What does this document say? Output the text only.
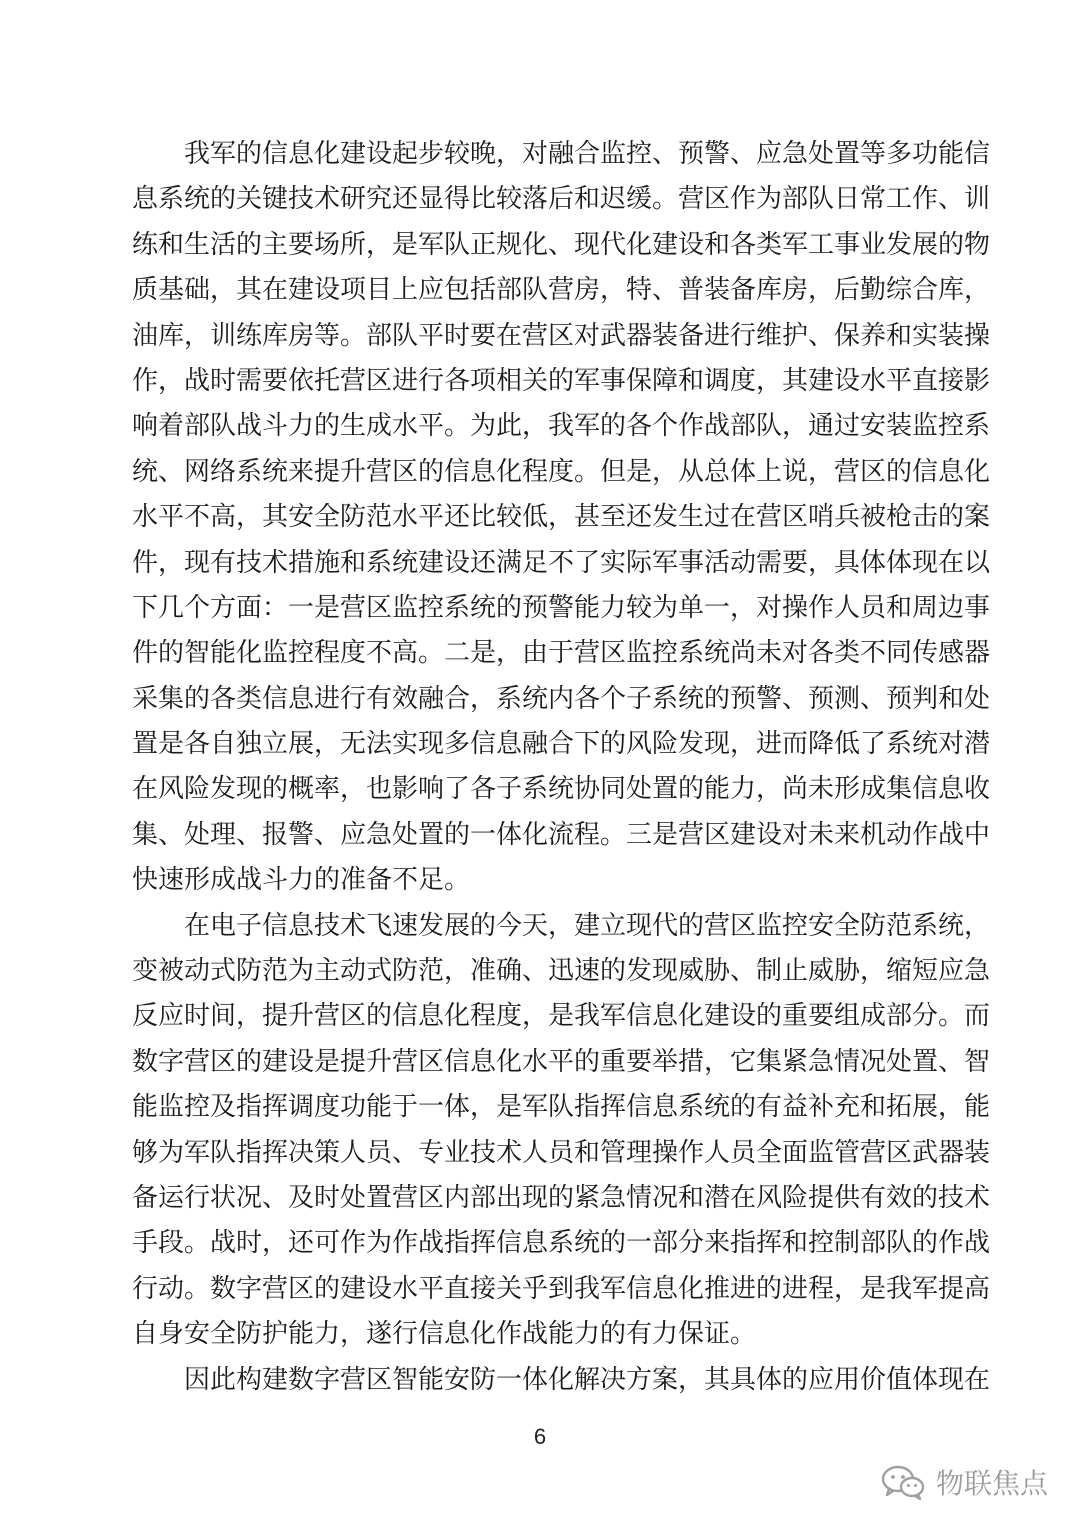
我军的信息化建设起步较晚，对融合监控、预警、应急处置等多功能信
息系统的关键技术研究还显得比较落后和迟缓。营区作为部队日常工作、训
练和生活的主要场所，是军队正规化、现代化建设和各类军工事业发展的物
质基础，其在建设项目上应包括部队营房，特、普装备库房，后勤综合库，
油库，训练库房等。部队平时要在营区对武器装备进行维护、保养和实装操
作，战时需要依托营区进行各项相关的军事保障和调度，其建设水平直接影
响着部队战斗力的生成水平。为此，我军的各个作战部队，通过安装监控系
统、网络系统来提升营区的信息化程度。但是，从总体上说，营区的信息化
水平不高，其安全防范水平还比较低，甚至还发生过在营区哨兵被枪击的案
件，现有技术措施和系统建设还满足不了实际军事活动需要，具体体现在以
下几个方面：一是营区监控系统的预警能力较为单一，对操作人员和周边事
件的智能化监控程度不高。二是，由于营区监控系统尚未对各类不同传感器
采集的各类信息进行有效融合，系统内各个子系统的预警、预测、预判和处
置是各自独立展，无法实现多信息融合下的风险发现，进而降低了系统对潜
在风险发现的概率，也影响了各子系统协同处置的能力，尚未形成集信息收
集、处理、报警、应急处置的一体化流程。三是营区建设对未来机动作战中
快速形成战斗力的准备不足。
在电子信息技术飞速发展的今天，建立现代的营区监控安全防范系统，
变被动式防范为主动式防范，准确、迅速的发现威胁、制止威胁，缩短应急
反应时间，提升营区的信息化程度，是我军信息化建设的重要组成部分。而
数字营区的建设是提升营区信息化水平的重要举措，它集紧急情况处置、智
能监控及指挥调度功能于一体，是军队指挥信息系统的有益补充和拓展，能
够为军队指挥决策人员、专业技术人员和管理操作人员全面监管营区武器装
备运行状况、及时处置营区内部出现的紧急情况和潜在风险提供有效的技术
手段。战时，还可作为作战指挥信息系统的一部分来指挥和控制部队的作战
行动。数字营区的建设水平直接关乎到我军信息化推进的进程，是我军提高
自身安全防护能力，遂行信息化作战能力的有力保证。
因此构建数字营区智能安防一体化解决方案，其具体的应用价值体现在
6
物联焦点
